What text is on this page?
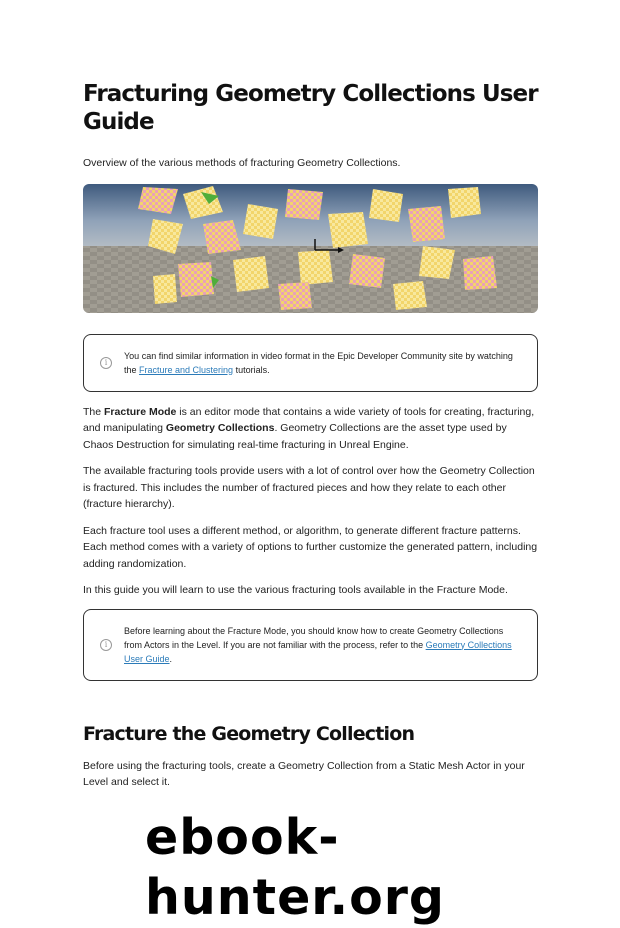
Fracturing Geometry Collections User
Guide

Overview of the various methods of fracturing Geometry Collections.

i
You can find similar information in video format in the Epic Developer Community site by watching the Fracture and Clustering tutorials.

The Fracture Mode is an editor mode that contains a wide variety of tools for creating, fracturing, and manipulating Geometry Collections. Geometry Collections are the asset type used by Chaos Destruction for simulating real-time fracturing in Unreal Engine.

The available fracturing tools provide users with a lot of control over how the Geometry Collection is fractured. This includes the number of fractured pieces and how they relate to each other (fracture hierarchy).

Each fracture tool uses a different method, or algorithm, to generate different fracture patterns. Each method comes with a variety of options to further customize the generated pattern, including adding randomization.

In this guide you will learn to use the various fracturing tools available in the Fracture Mode.

i
Before learning about the Fracture Mode, you should know how to create Geometry Collections from Actors in the Level. If you are not familiar with the process, refer to the Geometry Collections User Guide.
Fracture the Geometry Collection

Before using the fracturing tools, create a Geometry Collection from a Static Mesh Actor in your Level and select it.

ebook-hunter.org
